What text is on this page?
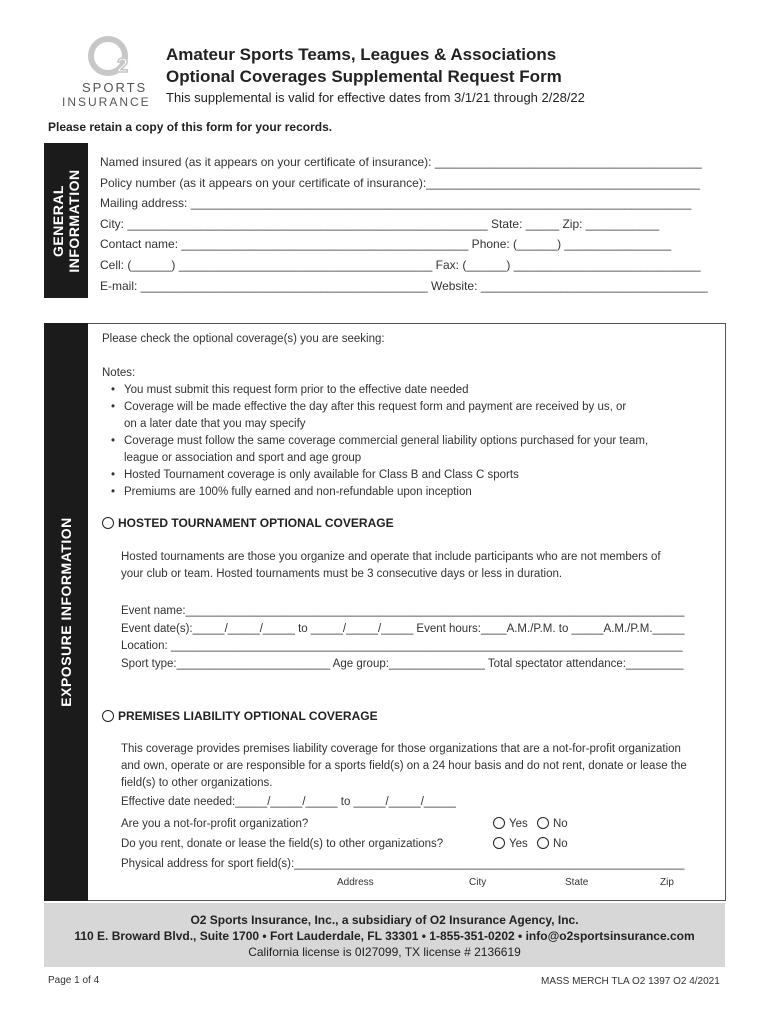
2
SPORTS
INSURANCE
Amateur Sports Teams, Leagues & Associations
Optional Coverages Supplemental Request Form
This supplemental is valid for effective dates from 3/1/21 through 2/28/22
Please retain a copy of this form for your records.
GENERAL INFORMATION
Named insured (as it appears on your certificate of insurance): ________________________________________
Policy number (as it appears on your certificate of insurance):_________________________________________
Mailing address: ___________________________________________________________________________
City: ______________________________________________________ State: _____ Zip: ___________
Contact name: ___________________________________________ Phone: (______) ________________
Cell: (______) ______________________________________ Fax: (______) ____________________________
E-mail: ___________________________________________ Website: __________________________________
EXPOSURE INFORMATION
Please check the optional coverage(s) you are seeking:
Notes:
• You must submit this request form prior to the effective date needed
• Coverage will be made effective the day after this request form and payment are received by us, or
on a later date that you may specify
• Coverage must follow the same coverage commercial general liability options purchased for your team,
league or association and sport and age group
• Hosted Tournament coverage is only available for Class B and Class C sports
• Premiums are 100% fully earned and non-refundable upon inception
HOSTED TOURNAMENT OPTIONAL COVERAGE
Hosted tournaments are those you organize and operate that include participants who are not members of
your club or team. Hosted tournaments must be 3 consecutive days or less in duration.
Event name:______________________________________________________________________________
Event date(s):_____/_____/_____ to _____/_____/_____ Event hours:____A.M./P.M. to _____A.M./P.M._____
Location: ________________________________________________________________________________
Sport type:________________________ Age group:_______________ Total spectator attendance:_________
PREMISES LIABILITY OPTIONAL COVERAGE
This coverage provides premises liability coverage for those organizations that are a not-for-profit organization
and own, operate or are responsible for a sports field(s) on a 24 hour basis and do not rent, donate or lease the
field(s) to other organizations.
Effective date needed:_____/_____/_____ to _____/_____/_____
Are you a not-for-profit organization?	Yes No
Do you rent, donate or lease the field(s) to other organizations?	Yes No
Physical address for sport field(s):_____________________________________________________________
Address	City	State	Zip
O2 Sports Insurance, Inc., a subsidiary of O2 Insurance Agency, Inc.
110 E. Broward Blvd., Suite 1700 • Fort Lauderdale, FL 33301 • 1-855-351-0202 • info@o2sportsinsurance.com
California license is 0I27099, TX license # 2136619
Page 1 of 4	MASS MERCH TLA O2 1397 O2 4/2021
